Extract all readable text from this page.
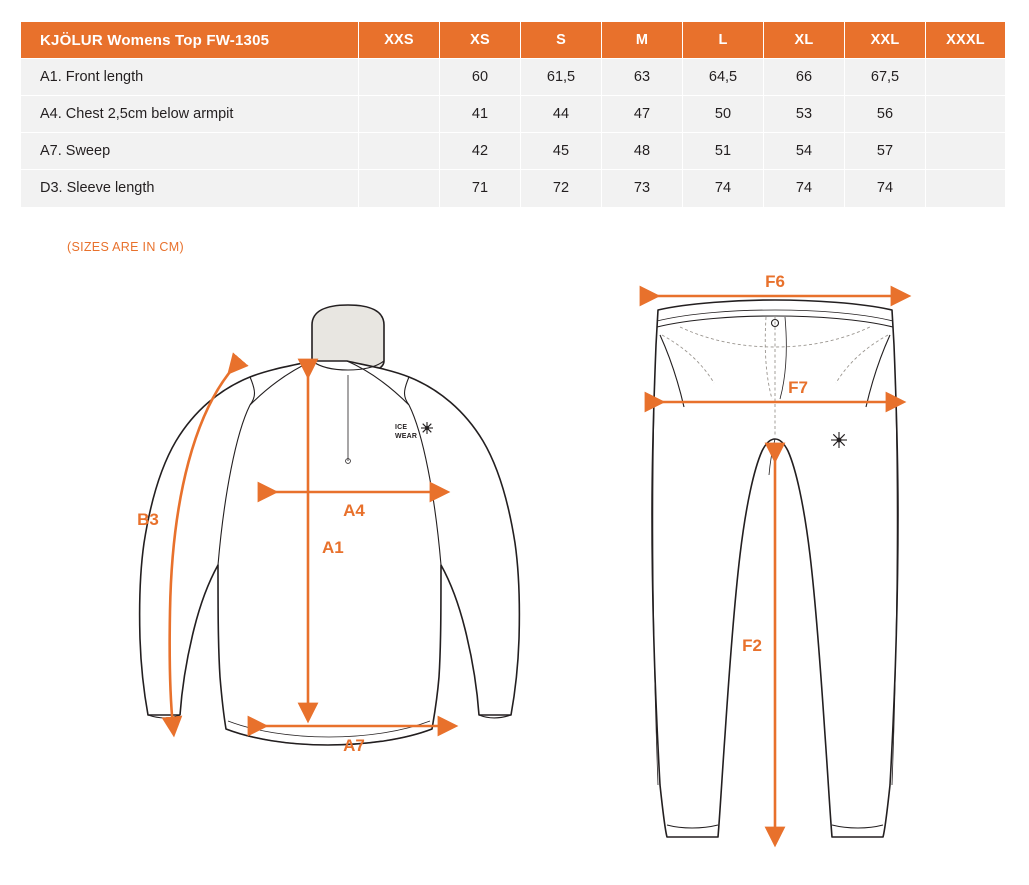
KJÖLUR Womens Top FW-1305	XXS	XS	S	M	L	XL	XXL	XXXL
A1. Front length		60	61,5	63	64,5	66	67,5	
A4. Chest 2,5cm below armpit		41	44	47	50	53	56	
A7. Sweep		42	45	48	51	54	57	
D3. Sleeve length		71	72	73	74	74	74	
(SIZES ARE IN CM)
ICE
WEAR
B3	A4
A1
A7
F6
F7
F2
